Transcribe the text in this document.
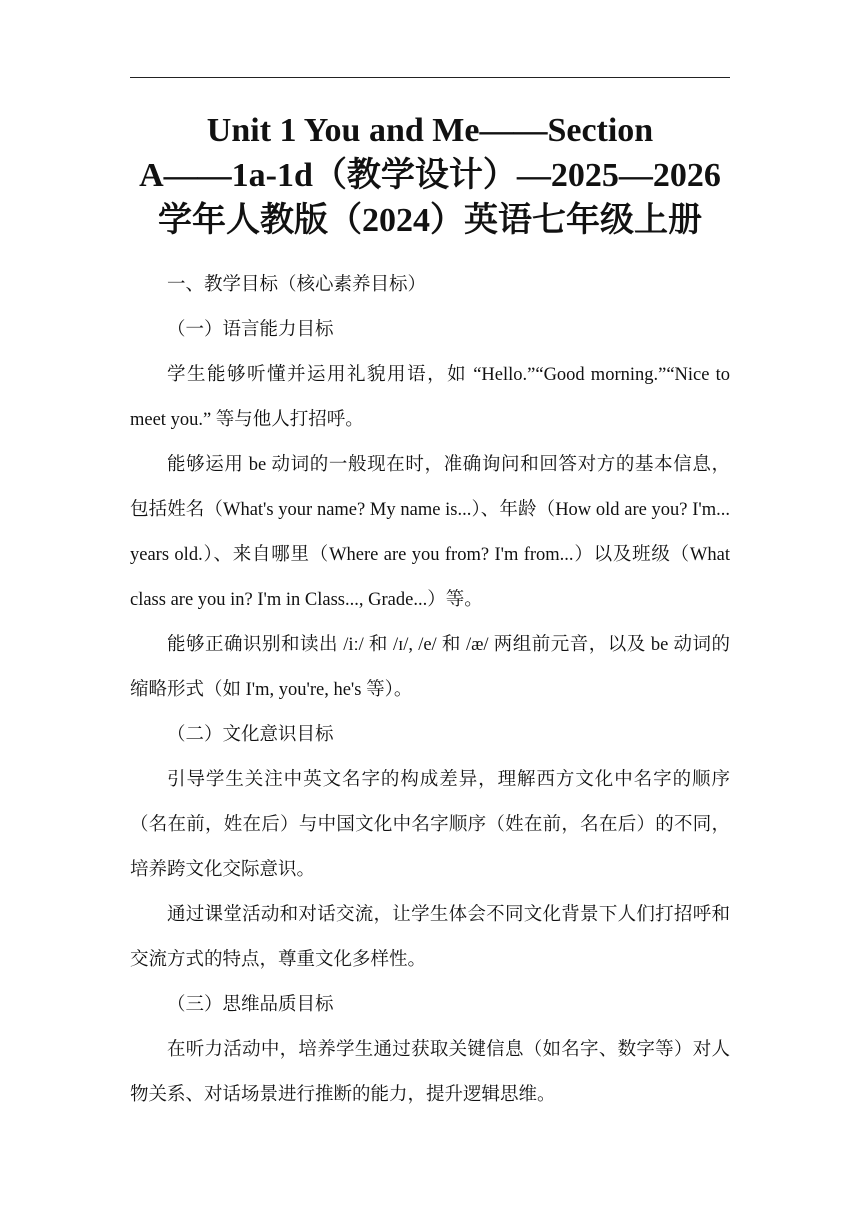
Unit 1 You and Me——Section
A——1a-1d（教学设计）—2025—2026
学年人教版（2024）英语七年级上册

一、教学目标（核心素养目标）

（一）语言能力目标

学生能够听懂并运用礼貌用语，如 “Hello.”“Good morning.”“Nice to meet you.” 等与他人打招呼。

能够运用 be 动词的一般现在时，准确询问和回答对方的基本信息，包括姓名（What's your name? My name is...）、年龄（How old are you? I'm... years old.）、来自哪里（Where are you from? I'm from...）以及班级（What class are you in? I'm in Class..., Grade...）等。

能够正确识别和读出 /iː/ 和 /ɪ/, /e/ 和 /æ/ 两组前元音，以及 be 动词的缩略形式（如 I'm, you're, he's 等）。

（二）文化意识目标

引导学生关注中英文名字的构成差异，理解西方文化中名字的顺序（名在前，姓在后）与中国文化中名字顺序（姓在前，名在后）的不同，培养跨文化交际意识。

通过课堂活动和对话交流，让学生体会不同文化背景下人们打招呼和交流方式的特点，尊重文化多样性。

（三）思维品质目标

在听力活动中，培养学生通过获取关键信息（如名字、数字等）对人物关系、对话场景进行推断的能力，提升逻辑思维。
